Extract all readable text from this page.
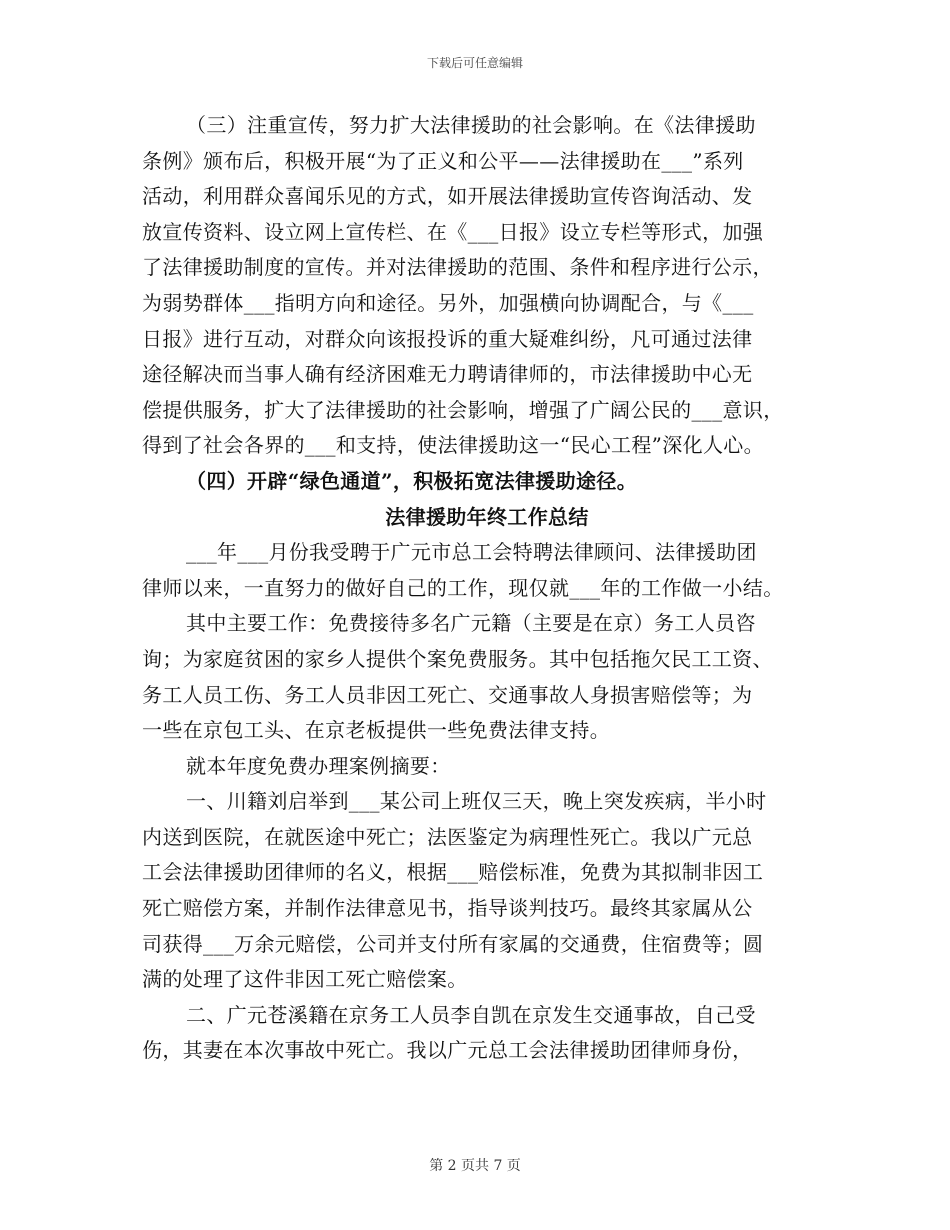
下载后可任意编辑
（三）注重宣传，努力扩大法律援助的社会影响。在《法律援助
条例》颁布后，积极开展“为了正义和公平——法律援助在___”系列
活动，利用群众喜闻乐见的方式，如开展法律援助宣传咨询活动、发
放宣传资料、设立网上宣传栏、在《___日报》设立专栏等形式，加强
了法律援助制度的宣传。并对法律援助的范围、条件和程序进行公示，
为弱势群体___指明方向和途径。另外，加强横向协调配合，与《___
日报》进行互动，对群众向该报投诉的重大疑难纠纷，凡可通过法律
途径解决而当事人确有经济困难无力聘请律师的，市法律援助中心无
偿提供服务，扩大了法律援助的社会影响，增强了广阔公民的___意识，
得到了社会各界的___和支持，使法律援助这一“民心工程”深化人心。
（四）开辟“绿色通道”，积极拓宽法律援助途径。
法律援助年终工作总结
___年___月份我受聘于广元市总工会特聘法律顾问、法律援助团
律师以来，一直努力的做好自己的工作，现仅就___年的工作做一小结。
其中主要工作：免费接待多名广元籍（主要是在京）务工人员咨
询；为家庭贫困的家乡人提供个案免费服务。其中包括拖欠民工工资、
务工人员工伤、务工人员非因工死亡、交通事故人身损害赔偿等；为
一些在京包工头、在京老板提供一些免费法律支持。
就本年度免费办理案例摘要：
一、川籍刘启举到___某公司上班仅三天，晚上突发疾病，半小时
内送到医院，在就医途中死亡；法医鉴定为病理性死亡。我以广元总
工会法律援助团律师的名义，根据___赔偿标准，免费为其拟制非因工
死亡赔偿方案，并制作法律意见书，指导谈判技巧。最终其家属从公
司获得___万余元赔偿，公司并支付所有家属的交通费，住宿费等；圆
满的处理了这件非因工死亡赔偿案。
二、广元苍溪籍在京务工人员李自凯在京发生交通事故，自己受
伤，其妻在本次事故中死亡。我以广元总工会法律援助团律师身份，
第 2 页共 7 页
